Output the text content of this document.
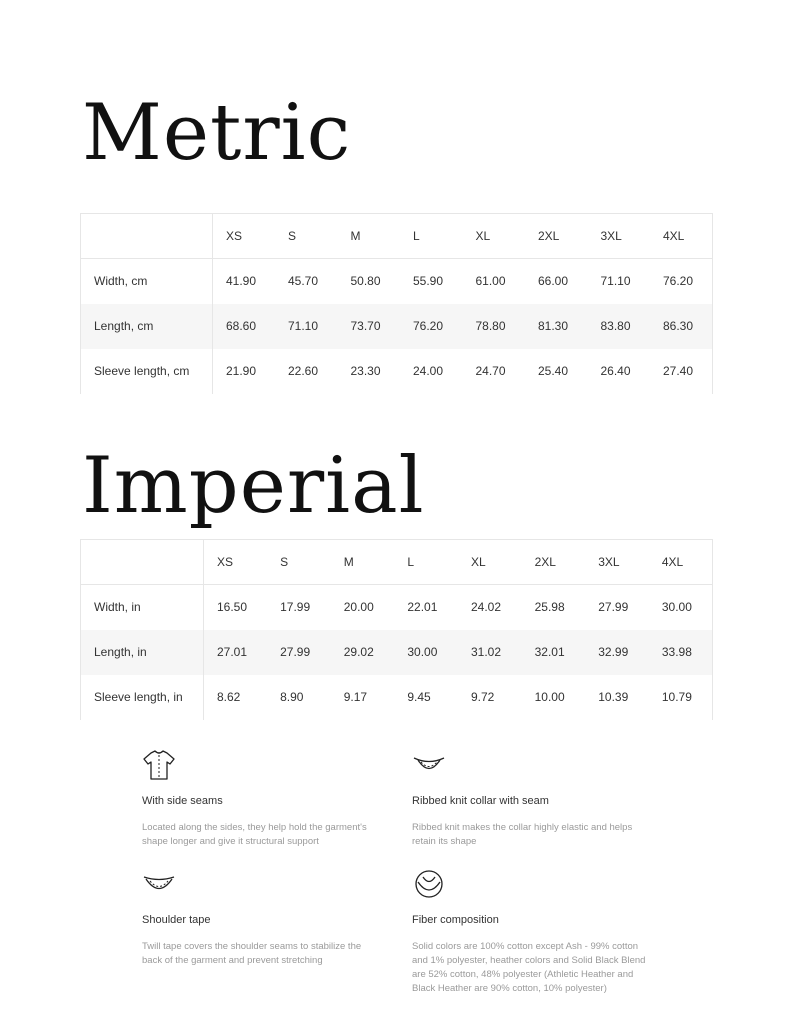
Metric
	XS	S	M	L	XL	2XL	3XL	4XL
Width, cm	41.90	45.70	50.80	55.90	61.00	66.00	71.10	76.20
Length, cm	68.60	71.10	73.70	76.20	78.80	81.30	83.80	86.30
Sleeve length, cm	21.90	22.60	23.30	24.00	24.70	25.40	26.40	27.40
Imperial
	XS	S	M	L	XL	2XL	3XL	4XL
Width, in	16.50	17.99	20.00	22.01	24.02	25.98	27.99	30.00
Length, in	27.01	27.99	29.02	30.00	31.02	32.01	32.99	33.98
Sleeve length, in	8.62	8.90	9.17	9.45	9.72	10.00	10.39	10.79

With side seams

Located along the sides, they help hold the garment's shape longer and give it structural support

Ribbed knit collar with seam

Ribbed knit makes the collar highly elastic and helps retain its shape

Shoulder tape

Twill tape covers the shoulder seams to stabilize the back of the garment and prevent stretching

Fiber composition

Solid colors are 100% cotton except Ash - 99% cotton and 1% polyester, heather colors and Solid Black Blend are 52% cotton, 48% polyester (Athletic Heather and Black Heather are 90% cotton, 10% polyester)
